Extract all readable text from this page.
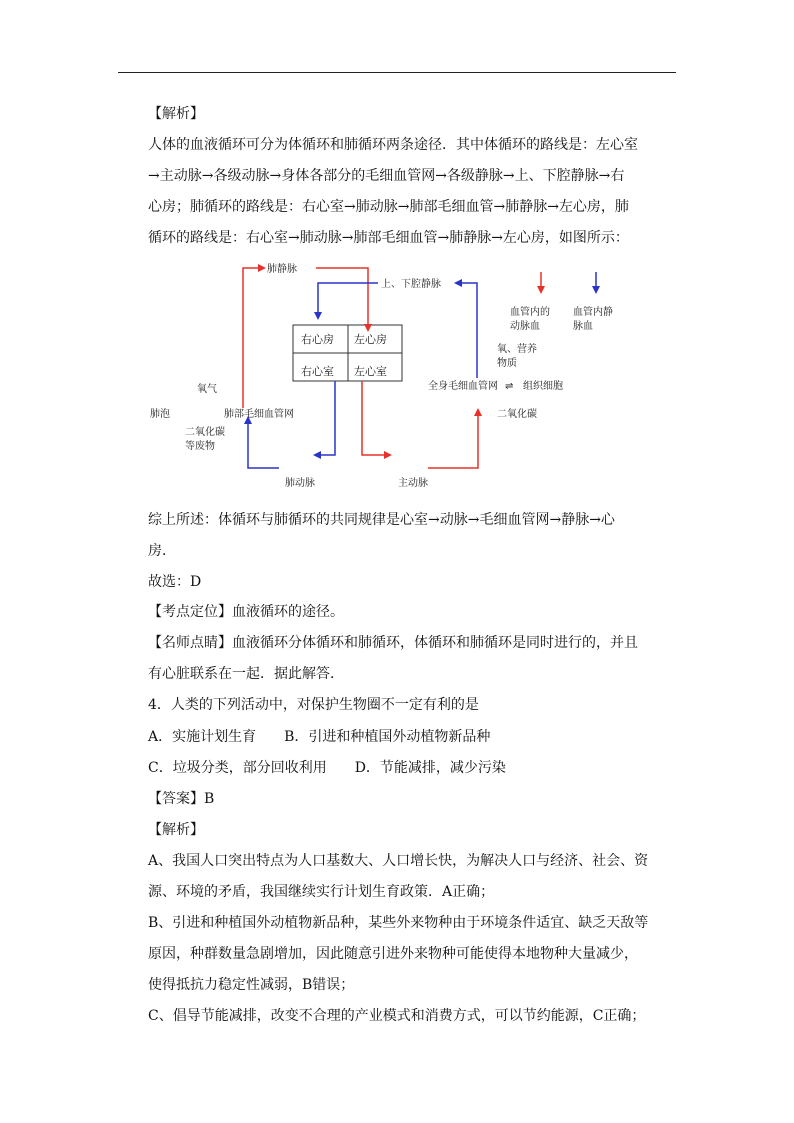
【解析】
人体的血液循环可分为体循环和肺循环两条途径．其中体循环的路线是：左心室
→主动脉→各级动脉→身体各部分的毛细血管网→各级静脉→上、下腔静脉→右
心房；肺循环的路线是：右心室→肺动脉→肺部毛细血管→肺静脉→左心房，肺
循环的路线是：右心室→肺动脉→肺部毛细血管→肺静脉→左心房，如图所示：
右心房 左心房
右心室 左心室
肺静脉
上、下腔静脉
肺动脉	主动脉
全身毛细血管网 ⇌ 组织细胞
氧、营养
物质
二氧化碳
氧气
肺泡	肺部毛细血管网
二氧化碳
等废物
血管内的
动脉血
血管内静
脉血
综上所述：体循环与肺循环的共同规律是心室→动脉→毛细血管网→静脉→心
房．
故选：D
【考点定位】血液循环的途径。
【名师点睛】血液循环分体循环和肺循环，体循环和肺循环是同时进行的，并且
有心脏联系在一起．据此解答．
4．人类的下列活动中，对保护生物圈不一定有利的是
A．实施计划生育　　B．引进和种植国外动植物新品种
C．垃圾分类，部分回收利用　　D．节能减排，减少污染
【答案】B
【解析】
A、我国人口突出特点为人口基数大、人口增长快，为解决人口与经济、社会、资
源、环境的矛盾，我国继续实行计划生育政策．A正确；
B、引进和种植国外动植物新品种，某些外来物种由于环境条件适宜、缺乏天敌等
原因，种群数量急剧增加，因此随意引进外来物种可能使得本地物种大量减少，
使得抵抗力稳定性减弱，B错误；
C、倡导节能减排，改变不合理的产业模式和消费方式，可以节约能源，C正确；
